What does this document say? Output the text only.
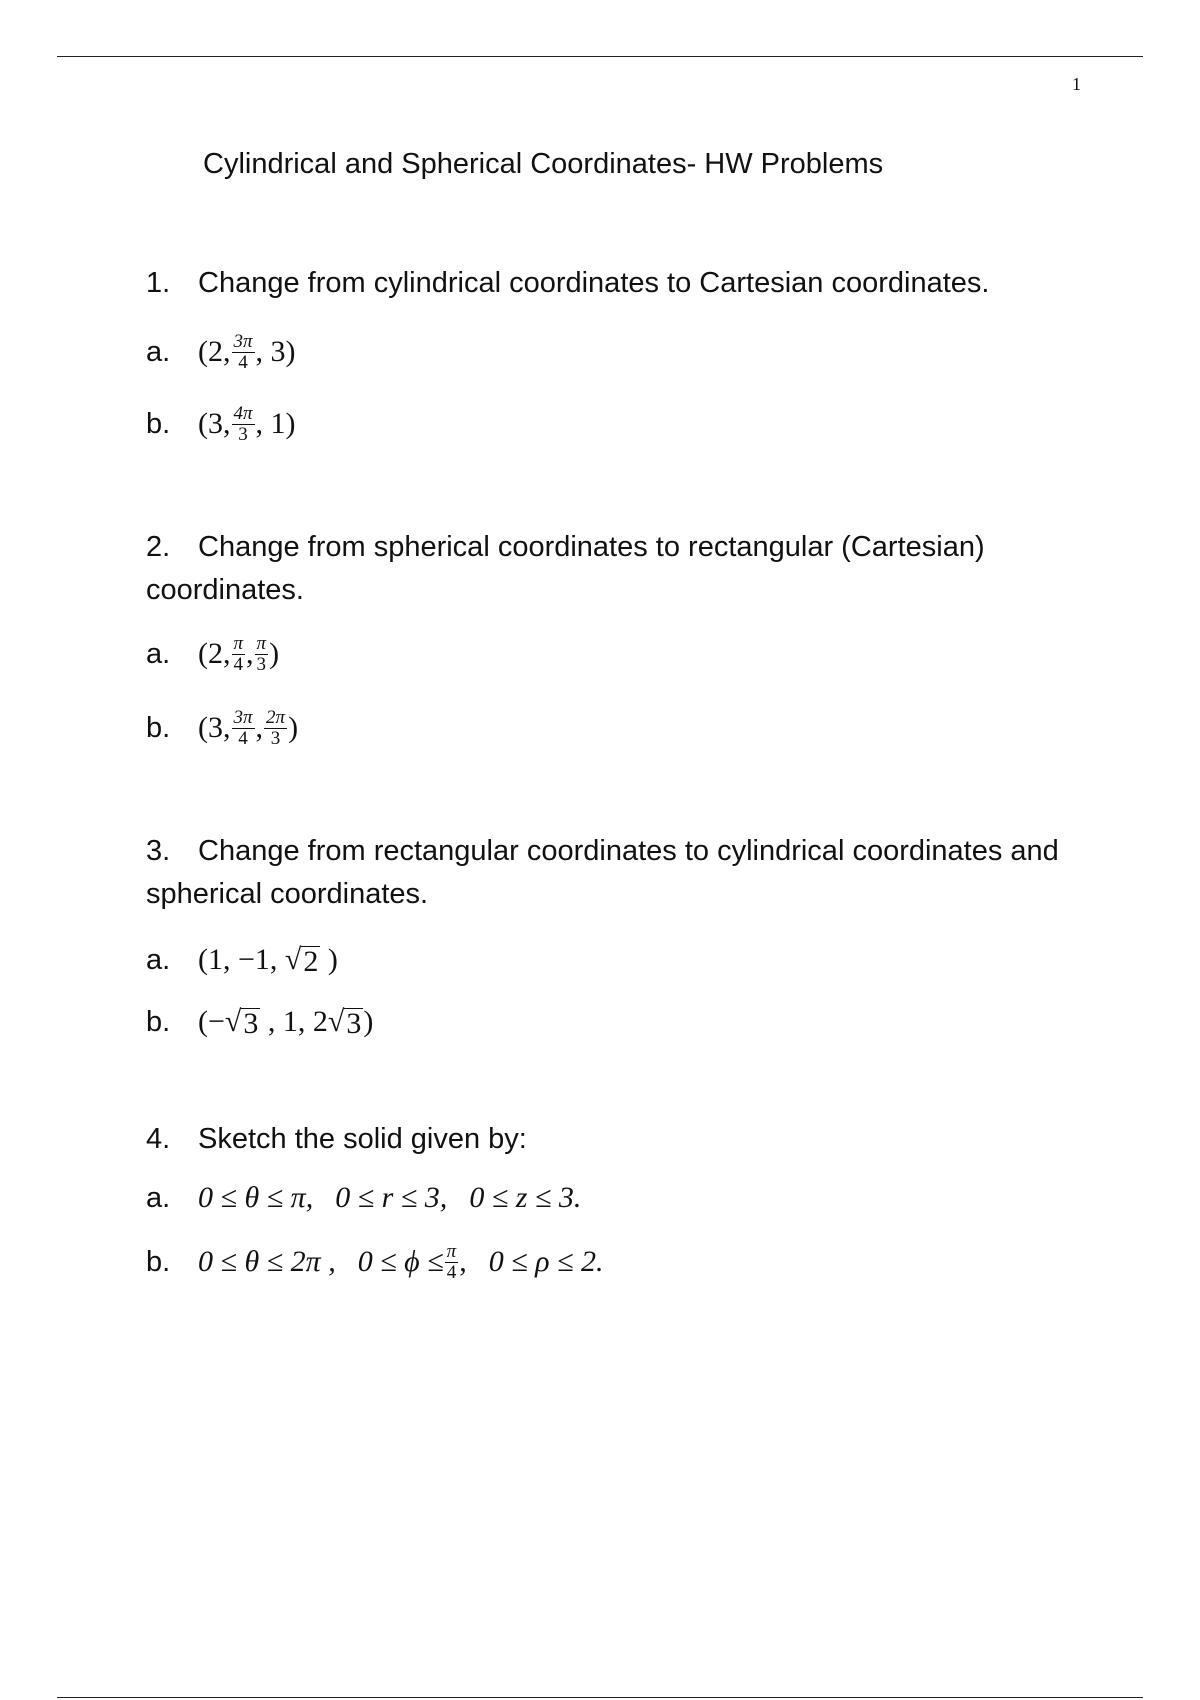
1
Cylindrical and Spherical Coordinates- HW Problems
1. Change from cylindrical coordinates to Cartesian coordinates.
a. (2, $\frac{3\pi}{4}$ , 3)
b. (3, $\frac{4\pi}{3}$ , 1)
2. Change from spherical coordinates to rectangular (Cartesian) coordinates.
a. (2, $\frac{\pi}{4}$ , $\frac{\pi}{3}$ )
b. (3, $\frac{3\pi}{4}$ , $\frac{2\pi}{3}$ )
3. Change from rectangular coordinates to cylindrical coordinates and spherical coordinates.
a. (1, −1, √ 2 )
b. (− √ 3 , 1, 2 √ 3 )
4. Sketch the solid given by:
a. 0 ≤ θ ≤ π, 0 ≤ r ≤ 3, 0 ≤ z ≤ 3.
b. 0 ≤ θ ≤ 2π , $0 \le \phi \le \frac{\pi}{4}$ , 0 ≤ ρ ≤ 2.
